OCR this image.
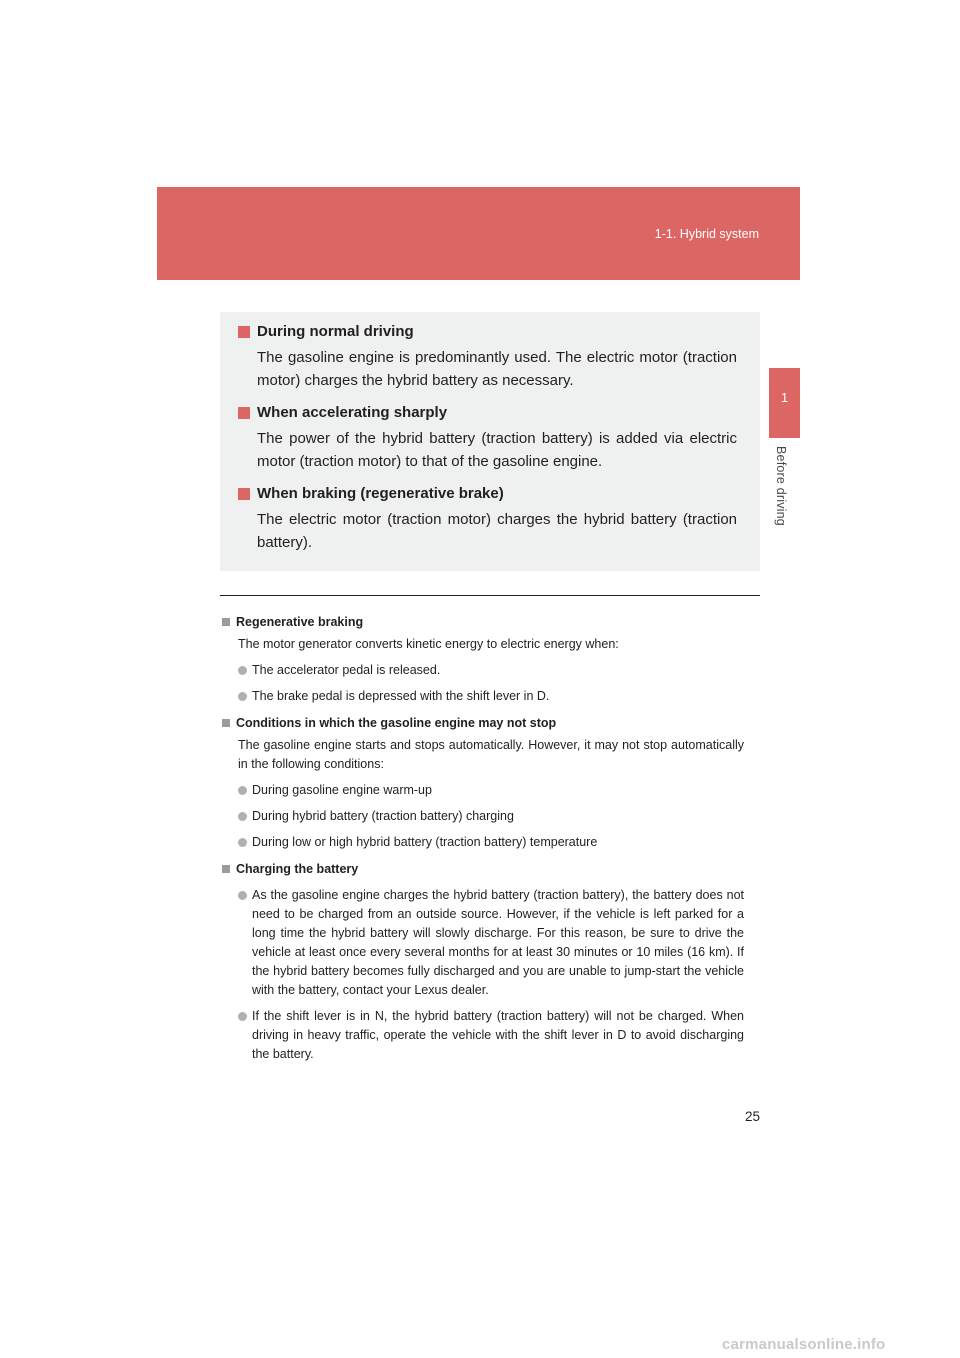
1-1. Hybrid system
1
Before driving
During normal driving
The gasoline engine is predominantly used. The electric motor (traction motor) charges the hybrid battery as necessary.
When accelerating sharply
The power of the hybrid battery (traction battery) is added via electric motor (traction motor) to that of the gasoline engine.
When braking (regenerative brake)
The electric motor (traction motor) charges the hybrid battery (traction battery).
Regenerative braking
The motor generator converts kinetic energy to electric energy when:
The accelerator pedal is released.
The brake pedal is depressed with the shift lever in D.
Conditions in which the gasoline engine may not stop
The gasoline engine starts and stops automatically. However, it may not stop automatically in the following conditions:
During gasoline engine warm-up
During hybrid battery (traction battery) charging
During low or high hybrid battery (traction battery) temperature
Charging the battery
As the gasoline engine charges the hybrid battery (traction battery), the battery does not need to be charged from an outside source. However, if the vehicle is left parked for a long time the hybrid battery will slowly discharge. For this reason, be sure to drive the vehicle at least once every several months for at least 30 minutes or 10 miles (16 km). If the hybrid battery becomes fully discharged and you are unable to jump-start the vehicle with the battery, contact your Lexus dealer.
If the shift lever is in N, the hybrid battery (traction battery) will not be charged. When driving in heavy traffic, operate the vehicle with the shift lever in D to avoid discharging the battery.
25
carmanualsonline.info
